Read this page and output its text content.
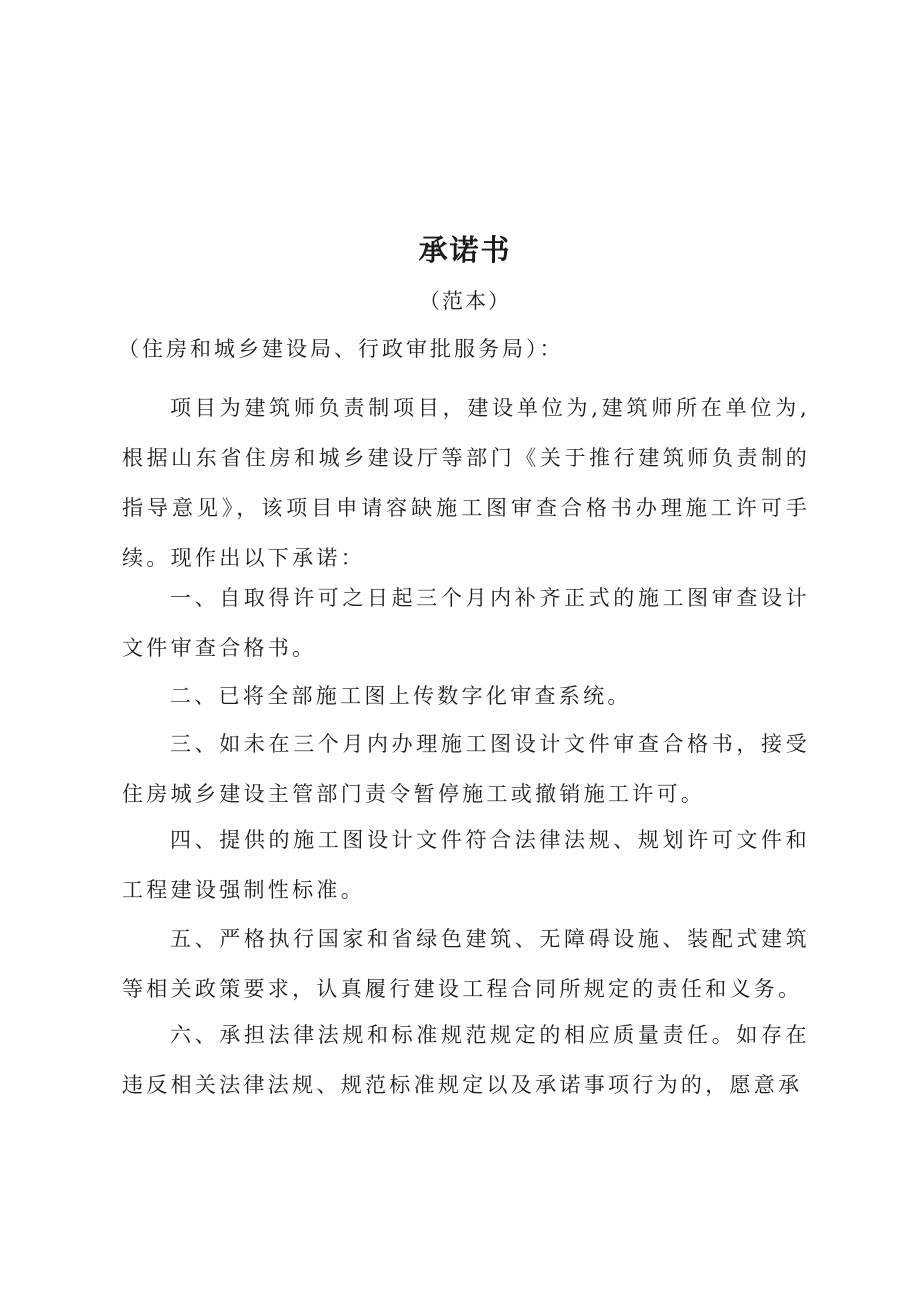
承诺书
（范本）
（住房和城乡建设局、行政审批服务局）：

项目为建筑师负责制项目，建设单位为,建筑师所在单位为,根据山东省住房和城乡建设厅等部门《关于推行建筑师负责制的指导意见》，该项目申请容缺施工图审查合格书办理施工许可手续。现作出以下承诺：

一、自取得许可之日起三个月内补齐正式的施工图审查设计文件审查合格书。

二、已将全部施工图上传数字化审查系统。

三、如未在三个月内办理施工图设计文件审查合格书，接受住房城乡建设主管部门责令暂停施工或撤销施工许可。

四、提供的施工图设计文件符合法律法规、规划许可文件和工程建设强制性标准。

五、严格执行国家和省绿色建筑、无障碍设施、装配式建筑等相关政策要求，认真履行建设工程合同所规定的责任和义务。

六、承担法律法规和标准规范规定的相应质量责任。如存在违反相关法律法规、规范标准规定以及承诺事项行为的，愿意承
